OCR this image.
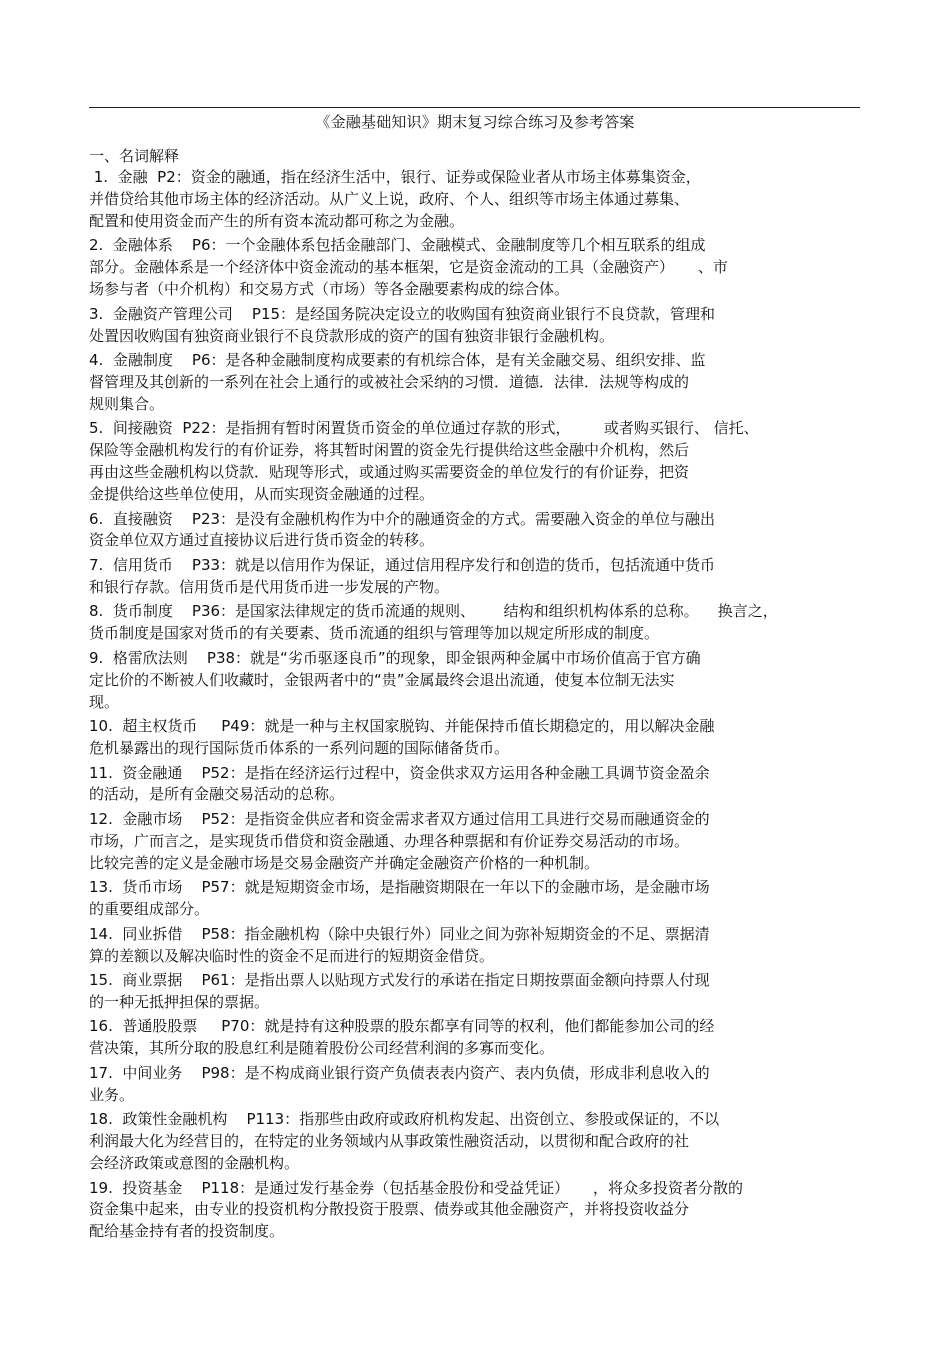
《金融基础知识》期末复习综合练习及参考答案
一、名词解释
1.  金融  P2：资金的融通，指在经济生活中，银行、证券或保险业者从市场主体募集资金，
并借贷给其他市场主体的经济活动。从广义上说，政府、个人、组织等市场主体通过募集、
配置和使用资金而产生的所有资本流动都可称之为金融。
2.  金融体系    P6：一个金融体系包括金融部门、金融模式、金融制度等几个相互联系的组成
部分。金融体系是一个经济体中资金流动的基本框架，它是资金流动的工具（金融资产）     、市
场参与者（中介机构）和交易方式（市场）等各金融要素构成的综合体。
3.  金融资产管理公司    P15：是经国务院决定设立的收购国有独资商业银行不良贷款，管理和
处置因收购国有独资商业银行不良贷款形成的资产的国有独资非银行金融机构。
4.  金融制度    P6：是各种金融制度构成要素的有机综合体，是有关金融交易、组织安排、监
督管理及其创新的一系列在社会上通行的或被社会采纳的习惯．道德．法律．法规等构成的
规则集合。
5.  间接融资  P22：是指拥有暂时闲置货币资金的单位通过存款的形式，       或者购买银行、 信托、
保险等金融机构发行的有价证券，将其暂时闲置的资金先行提供给这些金融中介机构，然后
再由这些金融机构以贷款．贴现等形式，或通过购买需要资金的单位发行的有价证券，把资
金提供给这些单位使用，从而实现资金融通的过程。
6.  直接融资    P23：是没有金融机构作为中介的融通资金的方式。需要融入资金的单位与融出
资金单位双方通过直接协议后进行货币资金的转移。
7.  信用货币    P33：就是以信用作为保证，通过信用程序发行和创造的货币，包括流通中货币
和银行存款。信用货币是代用货币进一步发展的产物。
8.  货币制度    P36：是国家法律规定的货币流通的规则、      结构和组织机构体系的总称。    换言之，
货币制度是国家对货币的有关要素、货币流通的组织与管理等加以规定所形成的制度。
9.  格雷欣法则    P38：就是“劣币驱逐良币”的现象，即金银两种金属中市场价值高于官方确
定比价的不断被人们收藏时，金银两者中的“贵”金属最终会退出流通，使复本位制无法实
现。
10.  超主权货币     P49：就是一种与主权国家脱钩、并能保持币值长期稳定的，用以解决金融
危机暴露出的现行国际货币体系的一系列问题的国际储备货币。
11.  资金融通    P52：是指在经济运行过程中，资金供求双方运用各种金融工具调节资金盈余
的活动，是所有金融交易活动的总称。
12.  金融市场    P52：是指资金供应者和资金需求者双方通过信用工具进行交易而融通资金的
市场，广而言之，是实现货币借贷和资金融通、办理各种票据和有价证券交易活动的市场。
比较完善的定义是金融市场是交易金融资产并确定金融资产价格的一种机制。
13.  货币市场    P57：就是短期资金市场，是指融资期限在一年以下的金融市场，是金融市场
的重要组成部分。
14.  同业拆借    P58：指金融机构（除中央银行外）同业之间为弥补短期资金的不足、票据清
算的差额以及解决临时性的资金不足而进行的短期资金借贷。
15.  商业票据    P61：是指出票人以贴现方式发行的承诺在指定日期按票面金额向持票人付现
的一种无抵押担保的票据。
16.  普通股股票     P70：就是持有这种股票的股东都享有同等的权利，他们都能参加公司的经
营决策，其所分取的股息红利是随着股份公司经营利润的多寡而变化。
17.  中间业务    P98：是不构成商业银行资产负债表表内资产、表内负债，形成非利息收入的
业务。
18.  政策性金融机构    P113：指那些由政府或政府机构发起、出资创立、参股或保证的，不以
利润最大化为经营目的，在特定的业务领域内从事政策性融资活动，以贯彻和配合政府的社
会经济政策或意图的金融机构。
19.  投资基金    P118：是通过发行基金券（包括基金股份和受益凭证）     ，将众多投资者分散的
资金集中起来，由专业的投资机构分散投资于股票、债券或其他金融资产，并将投资收益分
配给基金持有者的投资制度。
